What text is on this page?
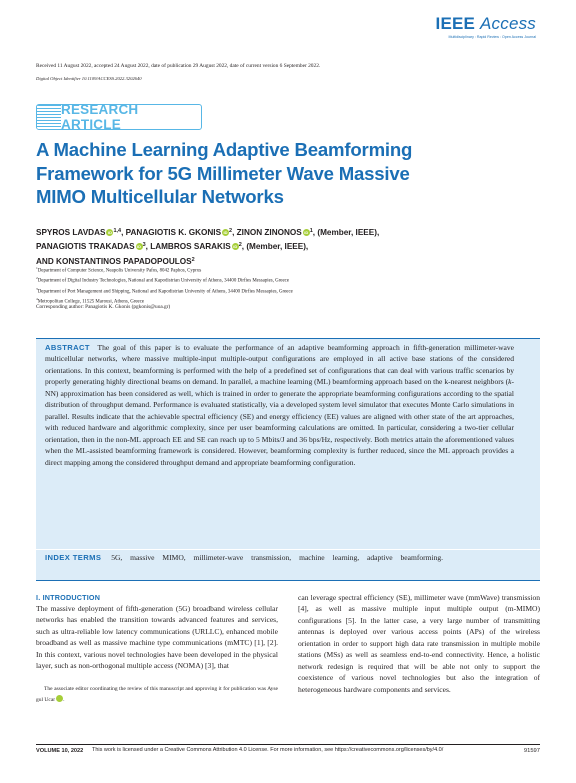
IEEE Access
Multidisciplinary : Rapid Review : Open Access Journal
Received 11 August 2022, accepted 24 August 2022, date of publication 29 August 2022, date of current version 6 September 2022.
Digital Object Identifier 10.1109/ACCESS.2022.3202640
RESEARCH ARTICLE
A Machine Learning Adaptive Beamforming Framework for 5G Millimeter Wave Massive MIMO Multicellular Networks
SPYROS LAVDAS iD $^{1,4}$, PANAGIOTIS K. GKONIS iD $^2$, ZINON ZINONOS iD $^1$, (Member, IEEE),
PANAGIOTIS TRAKADAS iD $^3$, LAMBROS SARAKIS iD $^2$, (Member, IEEE),
AND KONSTANTINOS PAPADOPOULOS$^2$
$^1$Department of Computer Science, Neapolis University Pafos, 8042 Paphos, Cyprus
$^2$Department of Digital Industry Technologies, National and Kapodistrian University of Athens, 34400 Dirfies Messapies, Greece
$^3$Department of Port Management and Shipping, National and Kapodistrian University of Athens, 34400 Dirfies Messapies, Greece
$^4$Metropolitan College, 11525 Marousi, Athens, Greece
Corresponding author: Panagiotis K. Gkonis (pgkonis@uoa.gr)
ABSTRACT The goal of this paper is to evaluate the performance of an adaptive beamforming approach in fifth-generation millimeter-wave multicellular networks, where massive multiple-input multiple-output configurations are employed in all active base stations of the considered orientations. In this context, beamforming is performed with the help of a predefined set of configurations that can deal with various traffic scenarios by properly generating highly directional beams on demand. In parallel, a machine learning (ML) beamforming approach based on the k-nearest neighbors (k-NN) approximation has been considered as well, which is trained in order to generate the appropriate beamforming configurations according to the spatial distribution of throughput demand. Performance is evaluated statistically, via a developed system level simulator that executes Monte Carlo simulations in parallel. Results indicate that the achievable spectral efficiency (SE) and energy efficiency (EE) values are aligned with other state of the art approaches, with reduced hardware and algorithmic complexity, since per user beamforming calculations are omitted. In particular, considering a two-tier cellular orientation, then in the non-ML approach EE and SE can reach up to 5 Mbits/J and 36 bps/Hz, respectively. Both metrics attain the aforementioned values when the ML-assisted beamforming framework is considered. However, beamforming complexity is further reduced, since the ML approach provides a direct mapping among the considered throughput demand and appropriate beamforming configuration.
INDEX TERMS 5G, massive MIMO, millimeter-wave transmission, machine learning, adaptive beamforming.
I. INTRODUCTION

The massive deployment of fifth-generation (5G) broadband wireless cellular networks has enabled the transition towards advanced features and services, such as ultra-reliable low latency communications (URLLC), enhanced mobile broadband as well as massive machine type communications (mMTC) [1], [2]. In this context, various novel technologies have been developed in the physical layer, such as non-orthogonal multiple access (NOMA) [3], that

can leverage spectral efficiency (SE), millimeter wave (mmWave) transmission [4], as well as massive multiple input multiple output (m-MIMO) configurations [5]. In the latter case, a very large number of transmitting antennas is deployed over various access points (APs) of the wireless orientation in order to support high data rate transmission in multiple mobile stations (MSs) as well as seamless end-to-end connectivity. Hence, a holistic network redesign is required that will be able not only to support the coexistence of various novel technologies but also the integration of heterogeneous hardware components and services.

The associate editor coordinating the review of this manuscript and approving it for publication was Ayse gul Ucar iD
VOLUME 10, 2022 This work is licensed under a Creative Commons Attribution 4.0 License. For more information, see https://creativecommons.org/licenses/by/4.0/	91597
